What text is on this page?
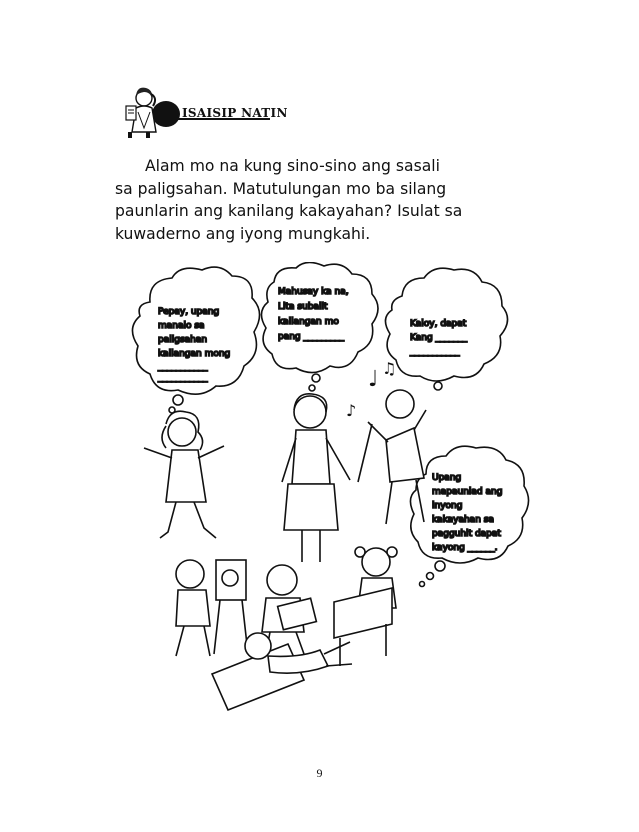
ISAISIP NATIN
Alam mo na kung sino-sino ang sasali
sa paligsahan. Matutulungan mo ba silang
paunlarin ang kanilang kakayahan? Isulat sa
kuwaderno ang iyong mungkahi.
Pepay, upang
manalo sa
paligsahan
kailangan mong
___________
___________
Mahusay ka na,
Lita subalit
kailangan mo
pang _________
Kaloy, dapat
Kang _______
___________
Upang
mapaunlad ang
inyong
kakayahan sa
pagguhit dapat
kayong ______.
♩ ♫
♪
9
